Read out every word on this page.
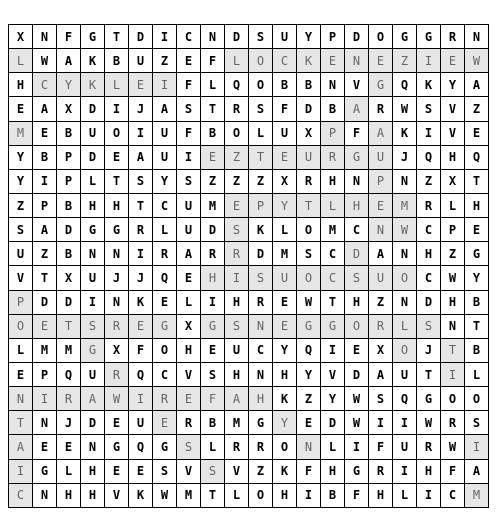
X	N	F	G	T	D	I	C	N	D	S	U	Y	P	D	O	G	G	R	N
L	W	A	K	B	U	Z	E	F	L	O	C	K	E	N	E	Z	I	E	W
H	C	Y	K	L	E	I	F	L	Q	O	B	B	N	V	G	Q	K	Y	A
E	A	X	D	I	J	A	S	T	R	S	F	D	B	A	R	W	S	V	Z
M	E	B	U	O	I	U	F	B	O	L	U	X	P	F	A	K	I	V	E
Y	B	P	D	E	A	U	I	E	Z	T	E	U	R	G	U	J	Q	H	Q
Y	I	P	L	T	S	Y	S	Z	Z	Z	X	R	H	N	P	N	Z	X	T
Z	P	B	H	H	T	C	U	M	E	P	Y	T	L	H	E	M	R	L	H
S	A	D	G	G	R	L	U	D	S	K	L	O	M	C	N	W	C	P	E
U	Z	B	N	N	I	R	A	R	R	D	M	S	C	D	A	N	H	Z	G
V	T	X	U	J	J	Q	E	H	I	S	U	O	C	S	U	O	C	W	Y
P	D	D	I	N	K	E	L	I	H	R	E	W	T	H	Z	N	D	H	B
O	E	T	S	R	E	G	X	G	S	N	E	G	G	O	R	L	S	N	T
L	M	M	G	X	F	O	H	E	U	C	Y	Q	I	E	X	O	J	T	B
E	P	Q	U	R	Q	C	V	S	H	N	H	Y	V	D	A	U	T	I	L
N	I	R	A	W	I	R	E	F	A	H	K	Z	Y	W	S	Q	G	O	O
T	N	J	D	E	U	E	R	B	M	G	Y	E	D	W	I	I	W	R	S
A	E	E	N	G	Q	G	S	L	R	R	O	N	L	I	F	U	R	W	I
I	G	L	H	E	E	S	V	S	V	Z	K	F	H	G	R	I	H	F	A
C	N	H	H	V	K	W	M	T	L	O	H	I	B	F	H	L	I	C	M
